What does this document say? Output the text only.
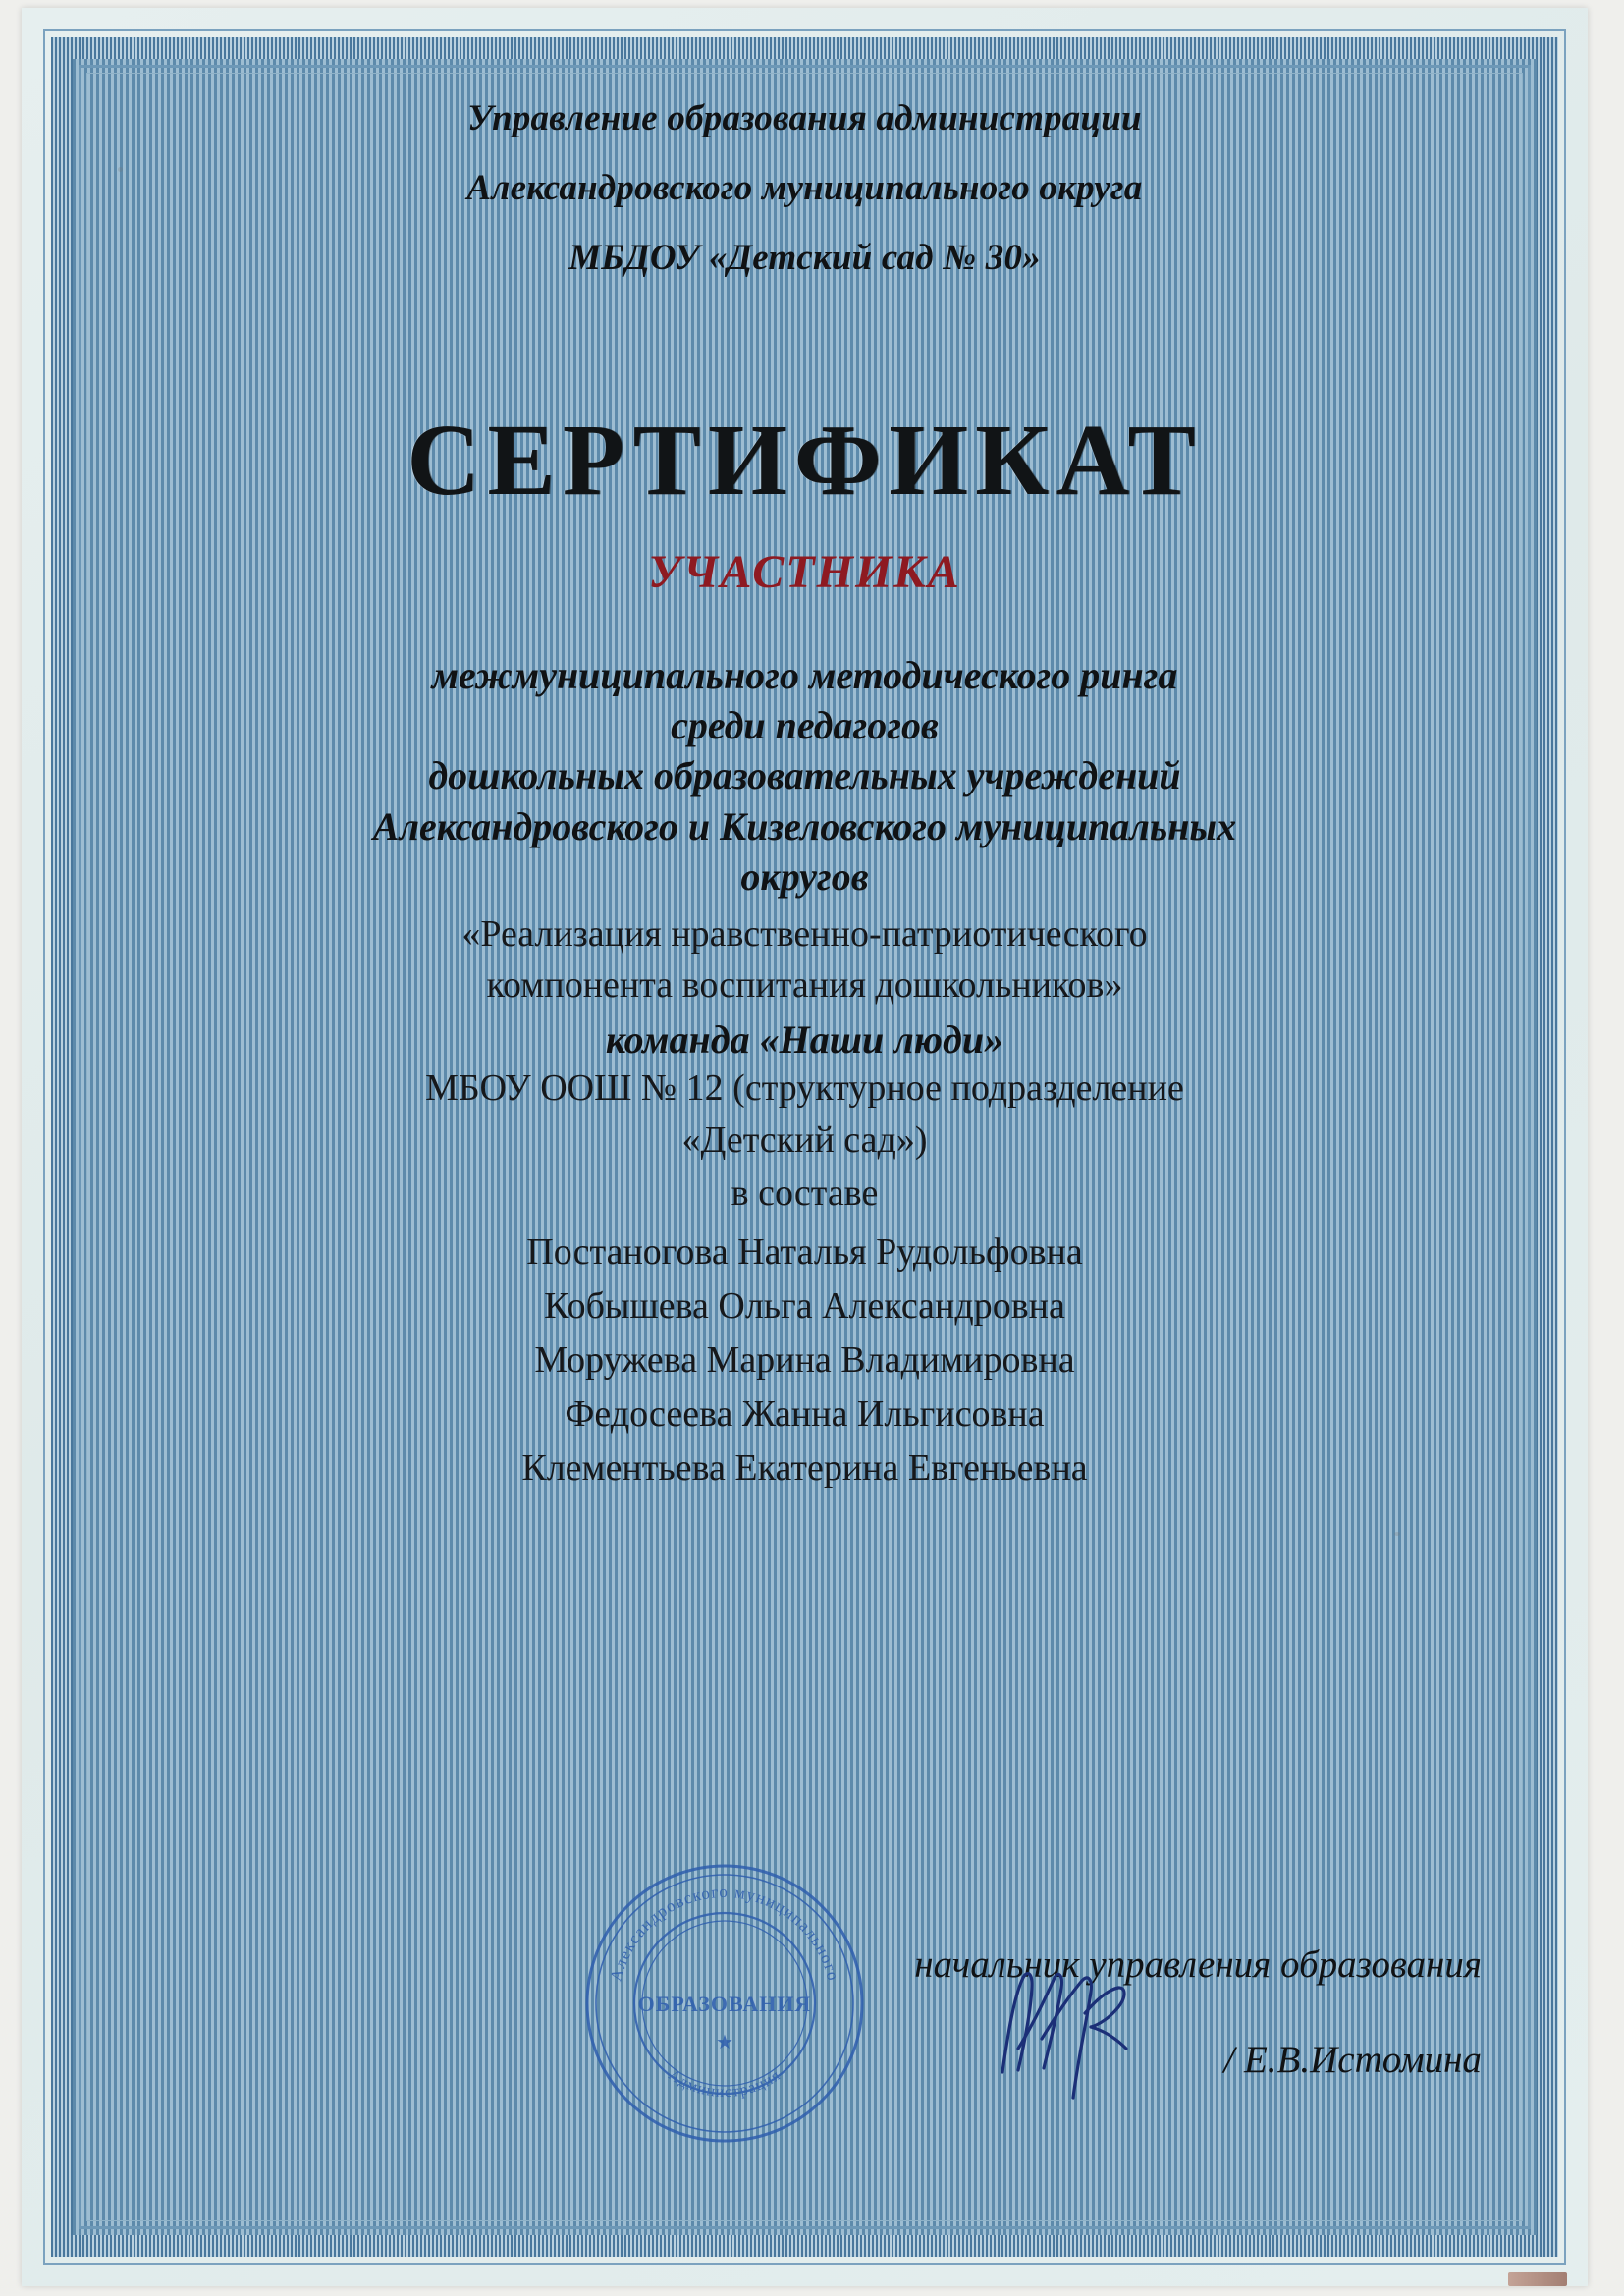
Управление образования администрации
Александровского муниципального округа
МБДОУ «Детский сад № 30»
СЕРТИФИКАТ
УЧАСТНИКА
межмуниципального методического ринга
среди педагогов
дошкольных образовательных учреждений
Александровского и Кизеловского муниципальных
округов
«Реализация нравственно-патриотического
компонента воспитания дошкольников»
команда «Наши люди»
МБОУ ООШ № 12 (структурное подразделение
«Детский сад»)
в составе
Постаногова Наталья Рудольфовна
Кобышева Ольга Александровна
Моружева Марина Владимировна
Федосеева Жанна Ильгисовна
Клементьева Екатерина Евгеньевна
начальник управления образования
/ Е.В.Истомина
Александровского муниципального
Администрация
ОБРАЗОВАНИЯ
★
